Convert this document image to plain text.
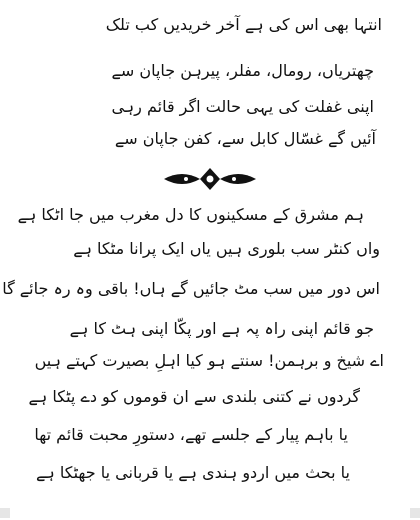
انتہا بھی اس کی ہے آخر خریدیں کب تلک
چھتریاں، رومال، مفلر، پیرہن جاپان سے
اپنی غفلت کی یہی حالت اگر قائم رہی
آئیں گے غسّال کابل سے، کفن جاپان سے
ہم مشرق کے مسکینوں کا دل مغرب میں جا اٹکا ہے
واں کنٹر سب بلوری ہیں یاں ایک پرانا مٹکا ہے
اس دور میں سب مٹ جائیں گے ہاں! باقی وہ رہ جائے گا
جو قائم اپنی راہ پہ ہے اور پکّا اپنی ہٹ کا ہے
اے شیخ و برہمن! سنتے ہو کیا اہلِ بصیرت کہتے ہیں
گردوں نے کتنی بلندی سے ان قوموں کو دے پٹکا ہے
یا باہم پیار کے جلسے تھے، دستورِ محبت قائم تھا
یا بحث میں اردو ہندی ہے یا قربانی یا جھٹکا ہے
